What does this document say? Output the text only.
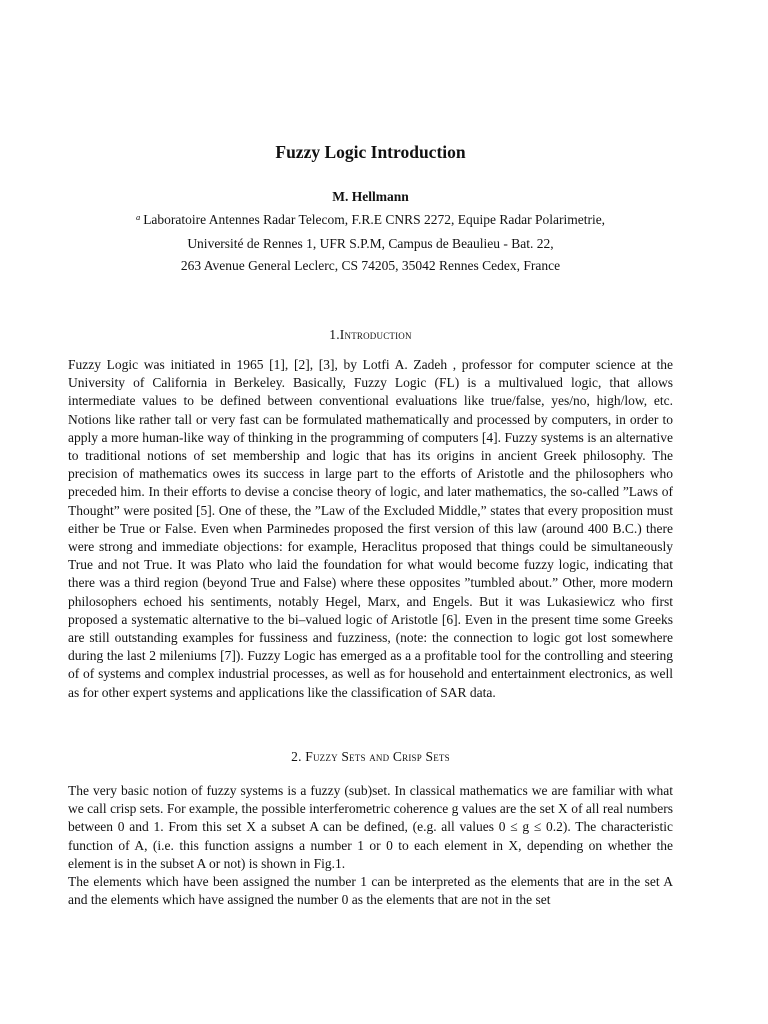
Fuzzy Logic Introduction
M. Hellmann
$^a$ Laboratoire Antennes Radar Telecom, F.R.E CNRS 2272, Equipe Radar Polarimetrie,
Université de Rennes 1, UFR S.P.M, Campus de Beaulieu - Bat. 22,
263 Avenue General Leclerc, CS 74205, 35042 Rennes Cedex, France
1.Introduction

Fuzzy Logic was initiated in 1965 [1], [2], [3], by Lotfi A. Zadeh , professor for computer science at the University of California in Berkeley. Basically, Fuzzy Logic (FL) is a multivalued logic, that allows intermediate values to be defined between conventional evaluations like true/false, yes/no, high/low, etc. Notions like rather tall or very fast can be formulated mathematically and processed by computers, in order to apply a more human-like way of thinking in the programming of computers [4]. Fuzzy systems is an alternative to traditional notions of set membership and logic that has its origins in ancient Greek philosophy. The precision of mathematics owes its success in large part to the efforts of Aristotle and the philosophers who preceded him. In their efforts to devise a concise theory of logic, and later mathematics, the so-called ”Laws of Thought” were posited [5]. One of these, the ”Law of the Excluded Middle,” states that every proposition must either be True or False. Even when Parminedes proposed the first version of this law (around 400 B.C.) there were strong and immediate objections: for example, Heraclitus proposed that things could be simultaneously True and not True. It was Plato who laid the foundation for what would become fuzzy logic, indicating that there was a third region (beyond True and False) where these opposites ”tumbled about.” Other, more modern philosophers echoed his sentiments, notably Hegel, Marx, and Engels. But it was Lukasiewicz who first proposed a systematic alternative to the bi–valued logic of Aristotle [6]. Even in the present time some Greeks are still outstanding examples for fussiness and fuzziness, (note: the connection to logic got lost somewhere during the last 2 mileniums [7]). Fuzzy Logic has emerged as a a profitable tool for the controlling and steering of of systems and complex industrial processes, as well as for household and entertainment electronics, as well as for other expert systems and applications like the classification of SAR data.

2. Fuzzy Sets and Crisp Sets

The very basic notion of fuzzy systems is a fuzzy (sub)set. In classical mathematics we are familiar with what we call crisp sets. For example, the possible interferometric coherence g values are the set X of all real numbers between 0 and 1. From this set X a subset A can be defined, (e.g. all values 0 ≤ g ≤ 0.2). The characteristic function of A, (i.e. this function assigns a number 1 or 0 to each element in X, depending on whether the element is in the subset A or not) is shown in Fig.1.

The elements which have been assigned the number 1 can be interpreted as the elements that are in the set A and the elements which have assigned the number 0 as the elements that are not in the set
